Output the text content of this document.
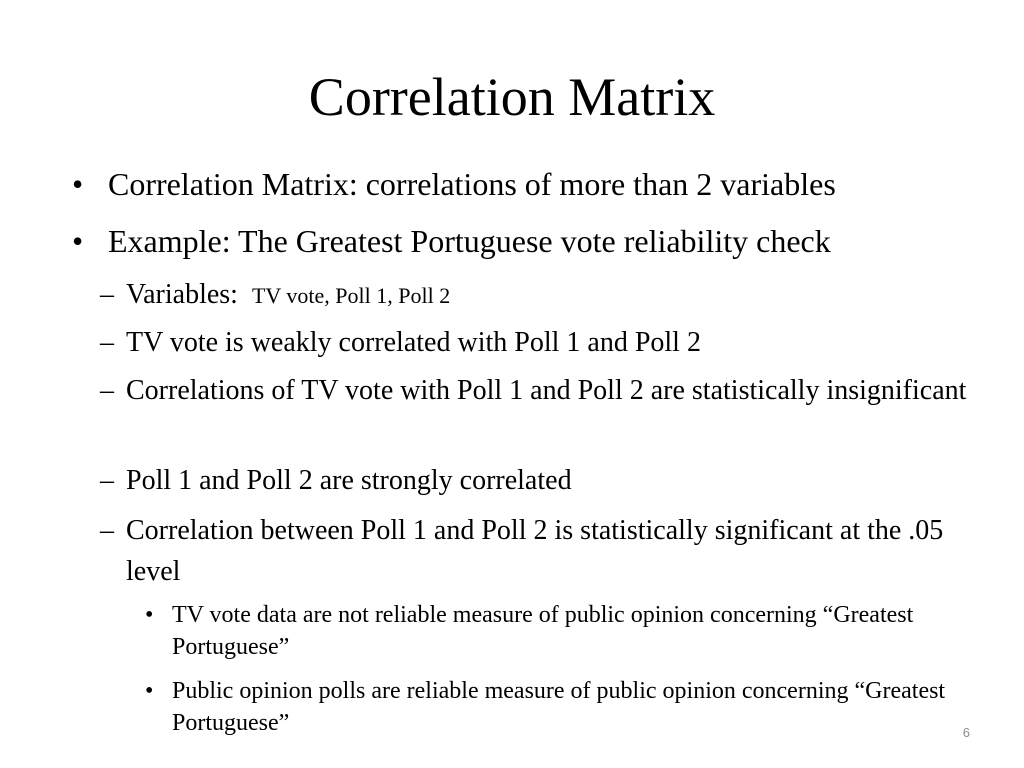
Correlation Matrix
• Correlation Matrix: correlations of more than 2 variables
• Example: The Greatest Portuguese vote reliability check
– Variables: TV vote, Poll 1, Poll 2
– TV vote is weakly correlated with Poll 1 and Poll 2
– Correlations of TV vote with Poll 1 and Poll 2 are statistically insignificant
– Poll 1 and Poll 2 are strongly correlated
– Correlation between Poll 1 and Poll 2 is statistically significant at the .05 level
• TV vote data are not reliable measure of public opinion concerning “Greatest Portuguese”
• Public opinion polls are reliable measure of public opinion concerning “Greatest Portuguese”	6
